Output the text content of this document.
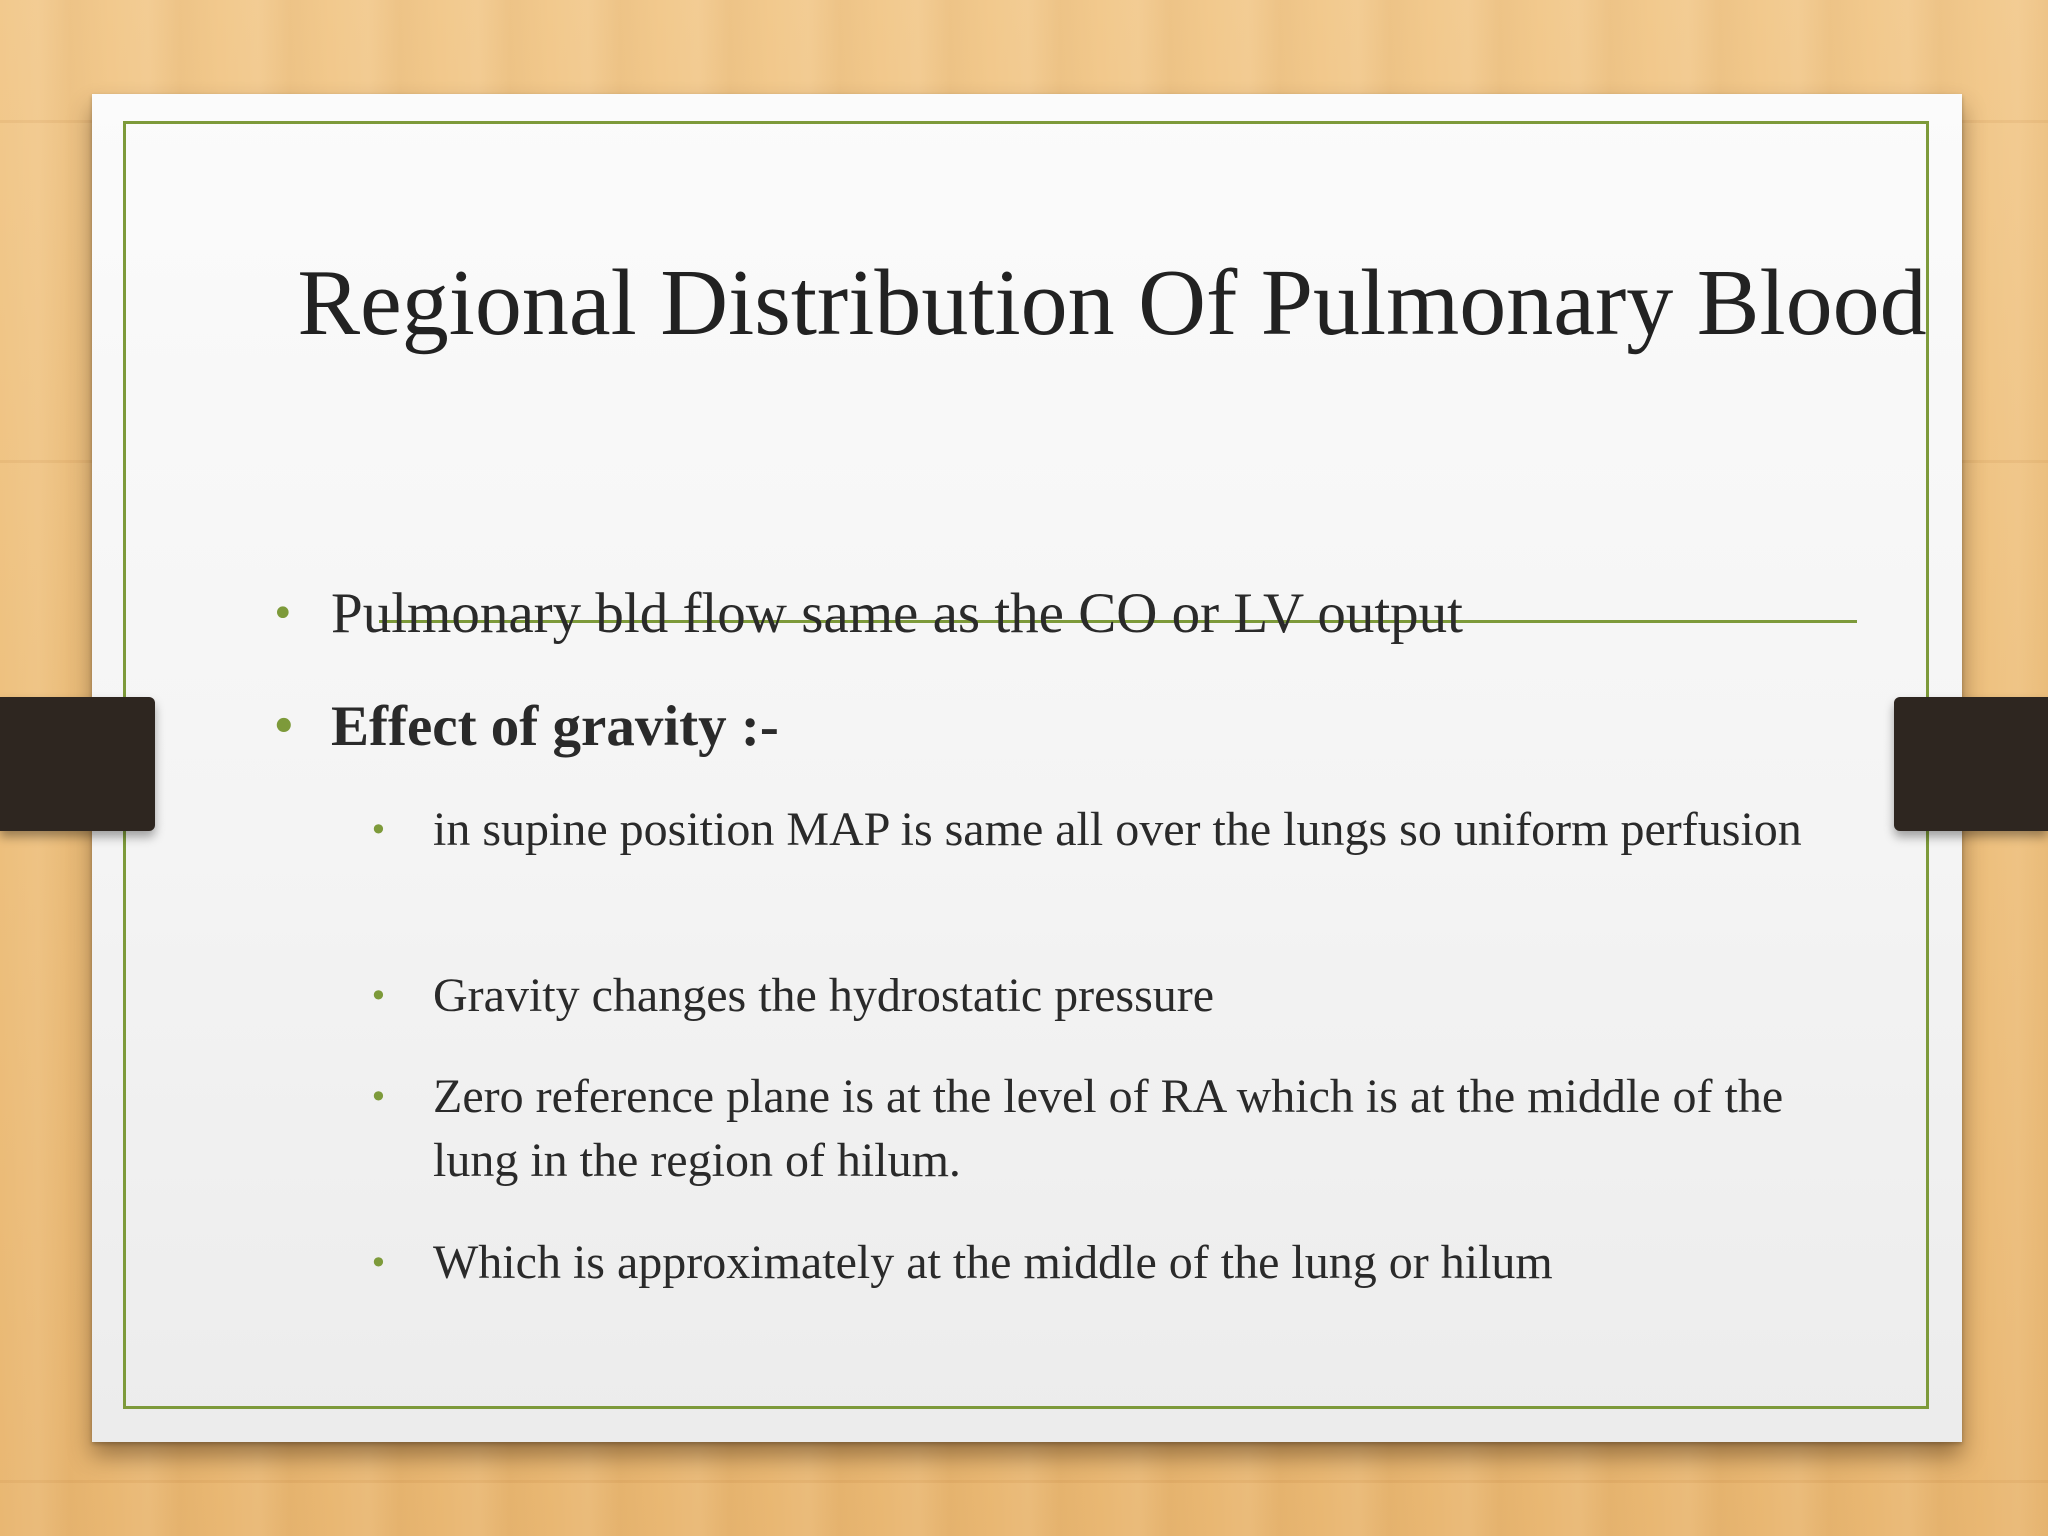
Regional Distribution Of Pulmonary Blood
• Pulmonary bld flow same as the CO or LV output
• Effect of gravity :-
• in supine position MAP is same all over the lungs so uniform perfusion
• Gravity changes the hydrostatic pressure
• Zero reference plane is at the level of RA which is at the middle of the lung in the region of hilum.
• Which is approximately at the middle of the lung or hilum
